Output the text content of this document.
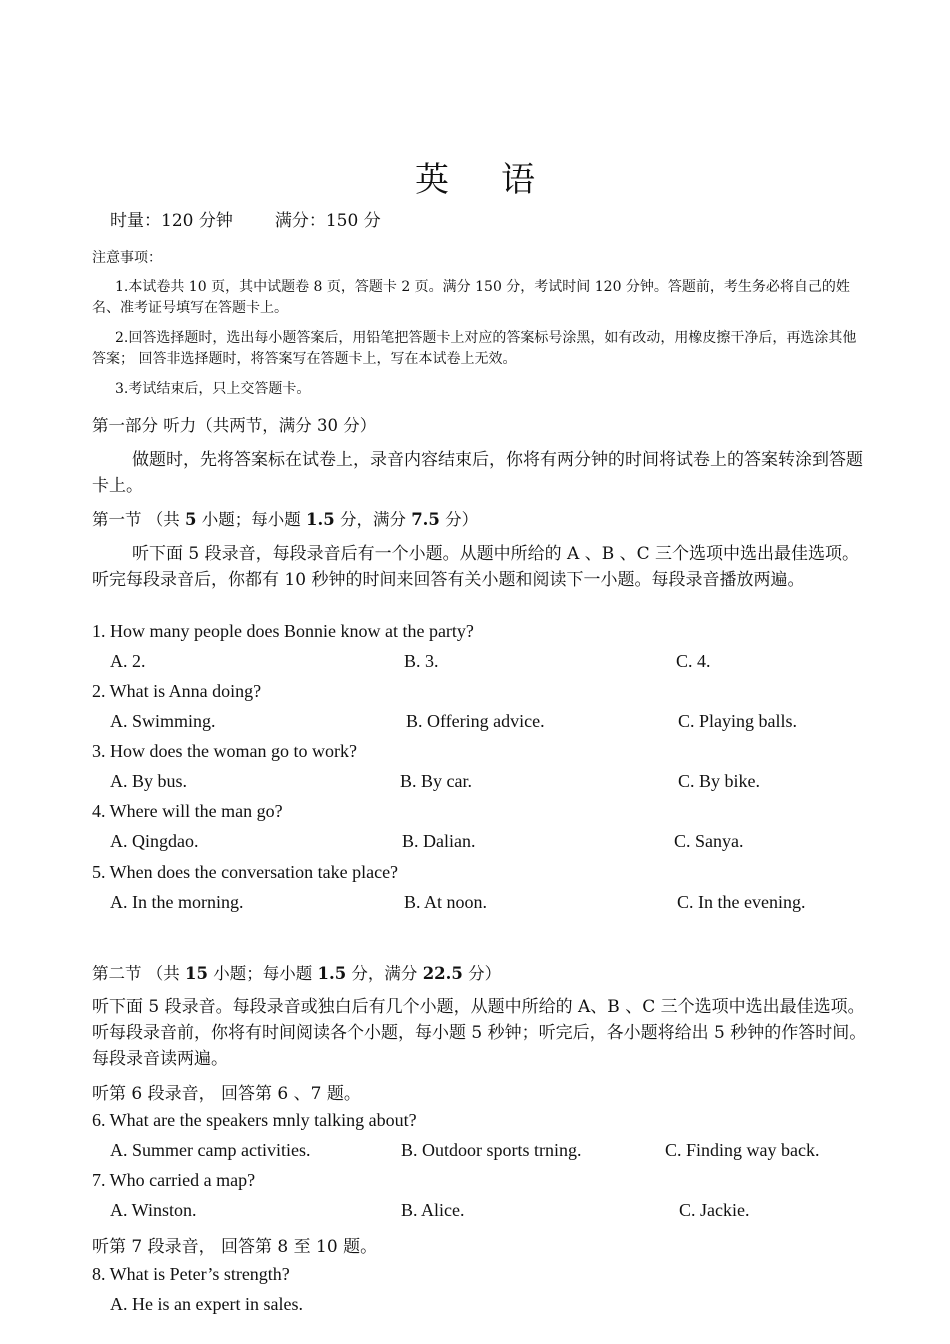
英 语
时量：120 分钟 满分：150 分
注意事项：
1.本试卷共 10 页，其中试题卷 8 页，答题卡 2 页。满分 150 分，考试时间 120 分钟。答题前，考生务必将自己的姓名、准考证号填写在答题卡上。
2.回答选择题时，选出每小题答案后，用铅笔把答题卡上对应的答案标号涂黑，如有改动，用橡皮擦干净后，再选涂其他答案； 回答非选择题时，将答案写在答题卡上，写在本试卷上无效。
3.考试结束后，只上交答题卡。
第一部分 听力（共两节，满分 30 分）
做题时，先将答案标在试卷上，录音内容结束后，你将有两分钟的时间将试卷上的答案转涂到答题卡上。
第一节 （共 5 小题；每小题 1.5 分，满分 7.5 分）
听下面 5 段录音，每段录音后有一个小题。从题中所给的 A 、B 、C 三个选项中选出最佳选项。听完每段录音后，你都有 10 秒钟的时间来回答有关小题和阅读下一小题。每段录音播放两遍。
1. How many people does Bonnie know at the party?
A. 2.	B. 3.	C. 4.
2. What is Anna doing?
A. Swimming.	B. Offering advice.	C. Playing balls.
3. How does the woman go to work?
A. By bus.	B. By car.	C. By bike.
4. Where will the man go?
A. Qingdao.	B. Dalian.	C. Sanya.
5. When does the conversation take place?
A. In the morning.	B. At noon.	C. In the evening.
第二节 （共 15 小题；每小题 1.5 分，满分 22.5 分）
听下面 5 段录音。每段录音或独白后有几个小题，从题中所给的 A、B 、C 三个选项中选出最佳选项。听每段录音前，你将有时间阅读各个小题，每小题 5 秒钟；听完后，各小题将给出 5 秒钟的作答时间。每段录音读两遍。
听第 6 段录音， 回答第 6 、7 题。
6. What are the speakers mnly talking about?
A. Summer camp activities.	B. Outdoor sports trning.	C. Finding way back.
7. Who carried a map?
A. Winston.	B. Alice.	C. Jackie.
听第 7 段录音， 回答第 8 至 10 题。
8. What is Peter’s strength?
A. He is an expert in sales.
